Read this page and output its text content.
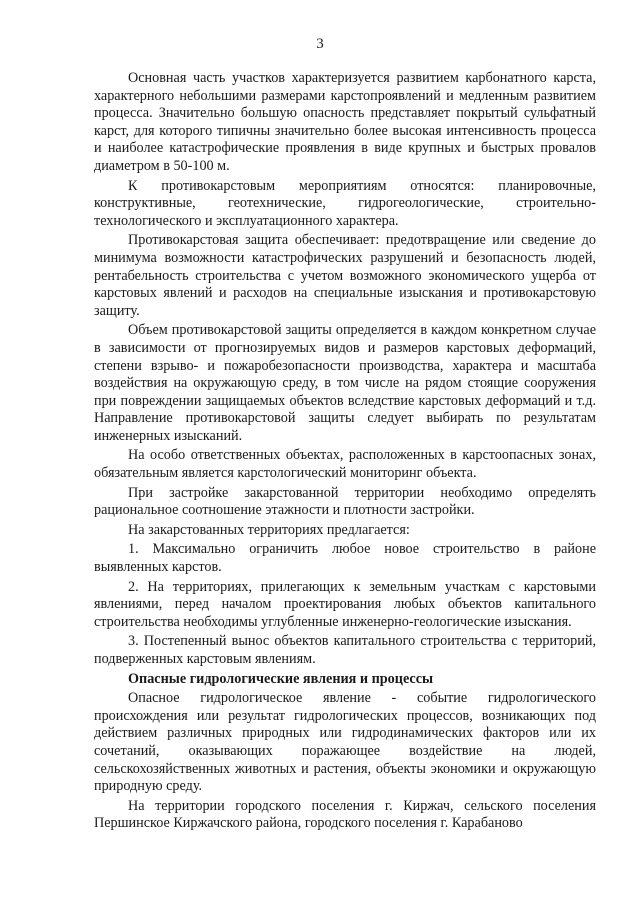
3

Основная часть участков характеризуется развитием карбонатного карста, характерного небольшими размерами карстопроявлений и медленным развитием процесса. Значительно большую опасность представляет покрытый сульфатный карст, для которого типичны значительно более высокая интенсивность процесса и наиболее катастрофические проявления в виде крупных и быстрых провалов диаметром в 50-100 м.

К противокарстовым мероприятиям относятся: планировочные, конструктивные, геотехнические, гидрогеологические, строительно-технологического и эксплуатационного характера.

Противокарстовая защита обеспечивает: предотвращение или сведение до минимума возможности катастрофических разрушений и безопасность людей, рентабельность строительства с учетом возможного экономического ущерба от карстовых явлений и расходов на специальные изыскания и противокарстовую защиту.

Объем противокарстовой защиты определяется в каждом конкретном случае в зависимости от прогнозируемых видов и размеров карстовых деформаций, степени взрыво- и пожаробезопасности производства, характера и масштаба воздействия на окружающую среду, в том числе на рядом стоящие сооружения при повреждении защищаемых объектов вследствие карстовых деформаций и т.д. Направление противокарстовой защиты следует выбирать по результатам инженерных изысканий.

На особо ответственных объектах, расположенных в карстоопасных зонах, обязательным является карстологический мониторинг объекта.

При застройке закарстованной территории необходимо определять рациональное соотношение этажности и плотности застройки.

На закарстованных территориях предлагается:

1. Максимально ограничить любое новое строительство в районе выявленных карстов.

2. На территориях, прилегающих к земельным участкам с карстовыми явлениями, перед началом проектирования любых объектов капитального строительства необходимы углубленные инженерно-геологические изыскания.

3. Постепенный вынос объектов капитального строительства с территорий, подверженных карстовым явлениям.

Опасные гидрологические явления и процессы

Опасное гидрологическое явление - событие гидрологического происхождения или результат гидрологических процессов, возникающих под действием различных природных или гидродинамических факторов или их сочетаний, оказывающих поражающее воздействие на людей, сельскохозяйственных животных и растения, объекты экономики и окружающую природную среду.

На территории городского поселения г. Киржач, сельского поселения Першинское Киржачского района, городского поселения г. Карабаново
